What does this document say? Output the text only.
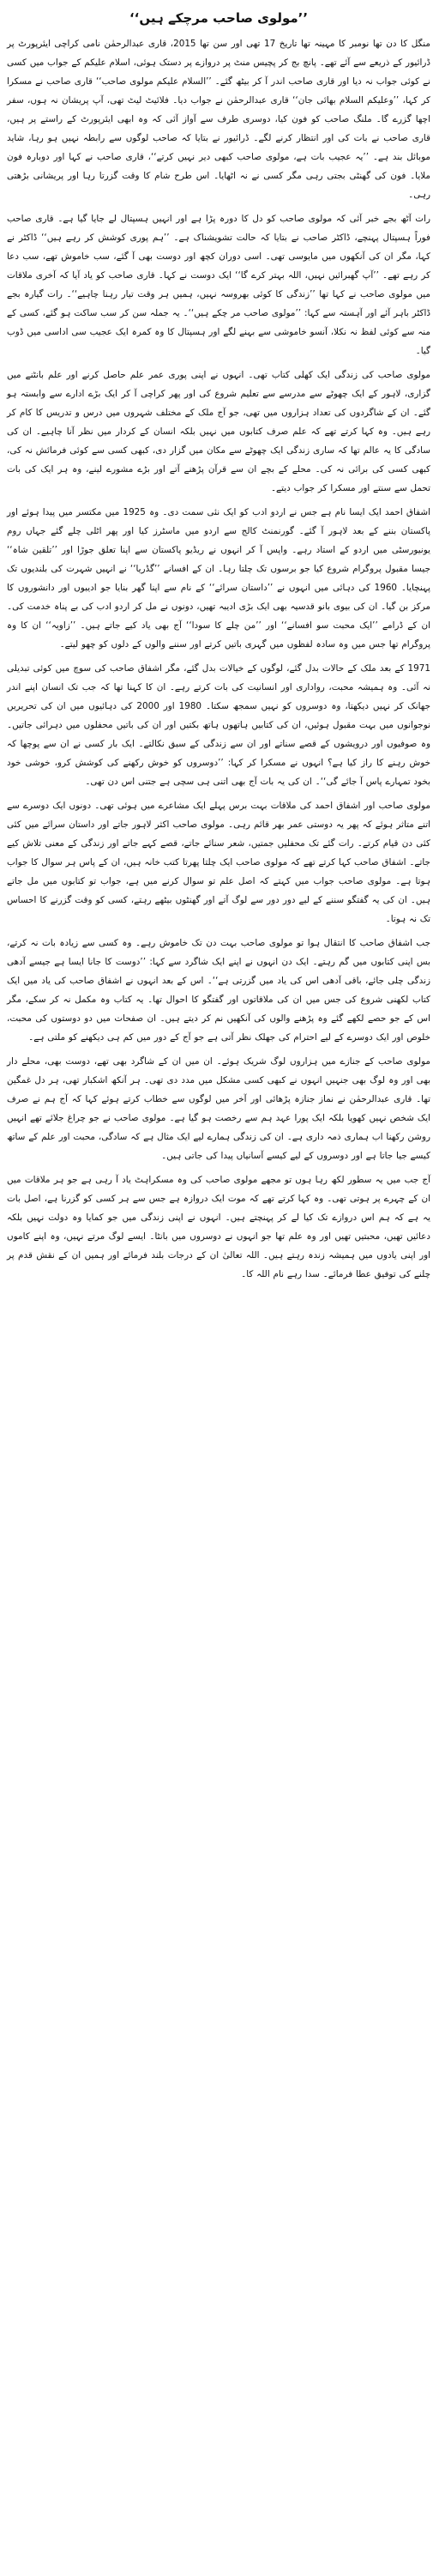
’’مولوی صاحب مرچکے ہیں‘‘

منگل کا دن تھا نومبر کا مہینہ تھا تاریخ 17 تھی اور سن تھا 2015، قاری عبدالرحمٰن نامی کراچی ایئرپورٹ پر ڈرائیور کے ذریعے سے آئے تھے۔ پانچ بج کر پچیس منٹ پر دروازے پر دستک ہوئی، اسلام علیکم کے جواب میں کسی نے کوئی جواب نہ دیا اور قاری صاحب اندر آ کر بیٹھ گئے۔ ’’السلام علیکم مولوی صاحب‘‘ قاری صاحب نے مسکرا کر کہا، ’’وعلیکم السلام بھائی جان‘‘ قاری عبدالرحمٰن نے جواب دیا۔ فلائیٹ لیٹ تھی، آپ پریشان نہ ہوں، سفر اچھا گزرے گا۔ ملنگ صاحب کو فون کیا، دوسری طرف سے آواز آئی کہ وہ ابھی ایئرپورٹ کے راستے پر ہیں، قاری صاحب نے بات کی اور انتظار کرنے لگے۔ ڈرائیور نے بتایا کہ صاحب لوگوں سے رابطہ نہیں ہو رہا، شاید موبائل بند ہے۔ ’’یہ عجیب بات ہے، مولوی صاحب کبھی دیر نہیں کرتے‘‘، قاری صاحب نے کہا اور دوبارہ فون ملایا۔ فون کی گھنٹی بجتی رہی مگر کسی نے نہ اٹھایا۔ اس طرح شام کا وقت گزرتا رہا اور پریشانی بڑھتی رہی۔

رات آٹھ بجے خبر آئی کہ مولوی صاحب کو دل کا دورہ پڑا ہے اور انہیں ہسپتال لے جایا گیا ہے۔ قاری صاحب فوراً ہسپتال پہنچے، ڈاکٹر صاحب نے بتایا کہ حالت تشویشناک ہے۔ ’’ہم پوری کوشش کر رہے ہیں‘‘ ڈاکٹر نے کہا، مگر ان کی آنکھوں میں مایوسی تھی۔ اسی دوران کچھ اور دوست بھی آ گئے، سب خاموش تھے، سب دعا کر رہے تھے۔ ’’آپ گھبرائیں نہیں، اللہ بہتر کرے گا‘‘ ایک دوست نے کہا۔ قاری صاحب کو یاد آیا کہ آخری ملاقات میں مولوی صاحب نے کہا تھا ’’زندگی کا کوئی بھروسہ نہیں، ہمیں ہر وقت تیار رہنا چاہیے‘‘۔ رات گیارہ بجے ڈاکٹر باہر آئے اور آہستہ سے کہا: ’’مولوی صاحب مر چکے ہیں‘‘۔ یہ جملہ سن کر سب ساکت ہو گئے، کسی کے منہ سے کوئی لفظ نہ نکلا، آنسو خاموشی سے بہنے لگے اور ہسپتال کا وہ کمرہ ایک عجیب سی اداسی میں ڈوب گیا۔

مولوی صاحب کی زندگی ایک کھلی کتاب تھی۔ انہوں نے اپنی پوری عمر علم حاصل کرنے اور علم بانٹنے میں گزاری، لاہور کے ایک چھوٹے سے مدرسے سے تعلیم شروع کی اور پھر کراچی آ کر ایک بڑے ادارے سے وابستہ ہو گئے۔ ان کے شاگردوں کی تعداد ہزاروں میں تھی، جو آج ملک کے مختلف شہروں میں درس و تدریس کا کام کر رہے ہیں۔ وہ کہا کرتے تھے کہ علم صرف کتابوں میں نہیں بلکہ انسان کے کردار میں نظر آنا چاہیے۔ ان کی سادگی کا یہ عالم تھا کہ ساری زندگی ایک چھوٹے سے مکان میں گزار دی، کبھی کسی سے کوئی فرمائش نہ کی، کبھی کسی کی برائی نہ کی۔ محلے کے بچے ان سے قرآن پڑھنے آتے اور بڑے مشورے لینے، وہ ہر ایک کی بات تحمل سے سنتے اور مسکرا کر جواب دیتے۔

اشفاق احمد ایک ایسا نام ہے جس نے اردو ادب کو ایک نئی سمت دی۔ وہ 1925 میں مکتسر میں پیدا ہوئے اور پاکستان بننے کے بعد لاہور آ گئے۔ گورنمنٹ کالج سے اردو میں ماسٹرز کیا اور پھر اٹلی چلے گئے جہاں روم یونیورسٹی میں اردو کے استاد رہے۔ واپس آ کر انہوں نے ریڈیو پاکستان سے اپنا تعلق جوڑا اور ’’تلقین شاہ‘‘ جیسا مقبول پروگرام شروع کیا جو برسوں تک چلتا رہا۔ ان کے افسانے ’’گڈریا‘‘ نے انہیں شہرت کی بلندیوں تک پہنچایا۔ 1960 کی دہائی میں انہوں نے ’’داستان سرائے‘‘ کے نام سے اپنا گھر بنایا جو ادیبوں اور دانشوروں کا مرکز بن گیا۔ ان کی بیوی بانو قدسیہ بھی ایک بڑی ادیبہ تھیں، دونوں نے مل کر اردو ادب کی بے پناہ خدمت کی۔ ان کے ڈرامے ’’ایک محبت سو افسانے‘‘ اور ’’من چلے کا سودا‘‘ آج بھی یاد کیے جاتے ہیں۔ ’’زاویہ‘‘ ان کا وہ پروگرام تھا جس میں وہ سادہ لفظوں میں گہری باتیں کرتے اور سننے والوں کے دلوں کو چھو لیتے۔

1971 کے بعد ملک کے حالات بدل گئے، لوگوں کے خیالات بدل گئے، مگر اشفاق صاحب کی سوچ میں کوئی تبدیلی نہ آئی۔ وہ ہمیشہ محبت، رواداری اور انسانیت کی بات کرتے رہے۔ ان کا کہنا تھا کہ جب تک انسان اپنے اندر جھانک کر نہیں دیکھتا، وہ دوسروں کو نہیں سمجھ سکتا۔ 1980 اور 2000 کی دہائیوں میں ان کی تحریریں نوجوانوں میں بہت مقبول ہوئیں، ان کی کتابیں ہاتھوں ہاتھ بکتیں اور ان کی باتیں محفلوں میں دہرائی جاتیں۔ وہ صوفیوں اور درویشوں کے قصے سناتے اور ان سے زندگی کے سبق نکالتے۔ ایک بار کسی نے ان سے پوچھا کہ خوش رہنے کا راز کیا ہے؟ انہوں نے مسکرا کر کہا: ’’دوسروں کو خوش رکھنے کی کوشش کرو، خوشی خود بخود تمہارے پاس آ جائے گی‘‘۔ ان کی یہ بات آج بھی اتنی ہی سچی ہے جتنی اس دن تھی۔

مولوی صاحب اور اشفاق احمد کی ملاقات بہت برس پہلے ایک مشاعرے میں ہوئی تھی۔ دونوں ایک دوسرے سے اتنے متاثر ہوئے کہ پھر یہ دوستی عمر بھر قائم رہی۔ مولوی صاحب اکثر لاہور جاتے اور داستان سرائے میں کئی کئی دن قیام کرتے۔ رات گئے تک محفلیں جمتیں، شعر سنائے جاتے، قصے کہے جاتے اور زندگی کے معنی تلاش کیے جاتے۔ اشفاق صاحب کہا کرتے تھے کہ مولوی صاحب ایک چلتا پھرتا کتب خانہ ہیں، ان کے پاس ہر سوال کا جواب ہوتا ہے۔ مولوی صاحب جواب میں کہتے کہ اصل علم تو سوال کرنے میں ہے، جواب تو کتابوں میں مل جاتے ہیں۔ ان کی یہ گفتگو سننے کے لیے دور دور سے لوگ آتے اور گھنٹوں بیٹھے رہتے، کسی کو وقت گزرنے کا احساس تک نہ ہوتا۔

جب اشفاق صاحب کا انتقال ہوا تو مولوی صاحب بہت دن تک خاموش رہے۔ وہ کسی سے زیادہ بات نہ کرتے، بس اپنی کتابوں میں گم رہتے۔ ایک دن انہوں نے اپنے ایک شاگرد سے کہا: ’’دوست کا جانا ایسا ہے جیسے آدھی زندگی چلی جائے، باقی آدھی اس کی یاد میں گزرتی ہے‘‘۔ اس کے بعد انہوں نے اشفاق صاحب کی یاد میں ایک کتاب لکھنی شروع کی جس میں ان کی ملاقاتوں اور گفتگو کا احوال تھا۔ یہ کتاب وہ مکمل نہ کر سکے، مگر اس کے جو حصے لکھے گئے وہ پڑھنے والوں کی آنکھیں نم کر دیتے ہیں۔ ان صفحات میں دو دوستوں کی محبت، خلوص اور ایک دوسرے کے لیے احترام کی جھلک نظر آتی ہے جو آج کے دور میں کم ہی دیکھنے کو ملتی ہے۔

مولوی صاحب کے جنازے میں ہزاروں لوگ شریک ہوئے۔ ان میں ان کے شاگرد بھی تھے، دوست بھی، محلے دار بھی اور وہ لوگ بھی جنہیں انہوں نے کبھی کسی مشکل میں مدد دی تھی۔ ہر آنکھ اشکبار تھی، ہر دل غمگین تھا۔ قاری عبدالرحمٰن نے نماز جنازہ پڑھائی اور آخر میں لوگوں سے خطاب کرتے ہوئے کہا کہ آج ہم نے صرف ایک شخص نہیں کھویا بلکہ ایک پورا عہد ہم سے رخصت ہو گیا ہے۔ مولوی صاحب نے جو چراغ جلائے تھے انہیں روشن رکھنا اب ہماری ذمہ داری ہے۔ ان کی زندگی ہمارے لیے ایک مثال ہے کہ سادگی، محبت اور علم کے ساتھ کیسے جیا جاتا ہے اور دوسروں کے لیے کیسے آسانیاں پیدا کی جاتی ہیں۔

آج جب میں یہ سطور لکھ رہا ہوں تو مجھے مولوی صاحب کی وہ مسکراہٹ یاد آ رہی ہے جو ہر ملاقات میں ان کے چہرے پر ہوتی تھی۔ وہ کہا کرتے تھے کہ موت ایک دروازہ ہے جس سے ہر کسی کو گزرنا ہے، اصل بات یہ ہے کہ ہم اس دروازے تک کیا لے کر پہنچتے ہیں۔ انہوں نے اپنی زندگی میں جو کمایا وہ دولت نہیں بلکہ دعائیں تھیں، محبتیں تھیں اور وہ علم تھا جو انہوں نے دوسروں میں بانٹا۔ ایسے لوگ مرتے نہیں، وہ اپنے کاموں اور اپنی یادوں میں ہمیشہ زندہ رہتے ہیں۔ اللہ تعالیٰ ان کے درجات بلند فرمائے اور ہمیں ان کے نقش قدم پر چلنے کی توفیق عطا فرمائے۔ سدا رہے نام اللہ کا۔
